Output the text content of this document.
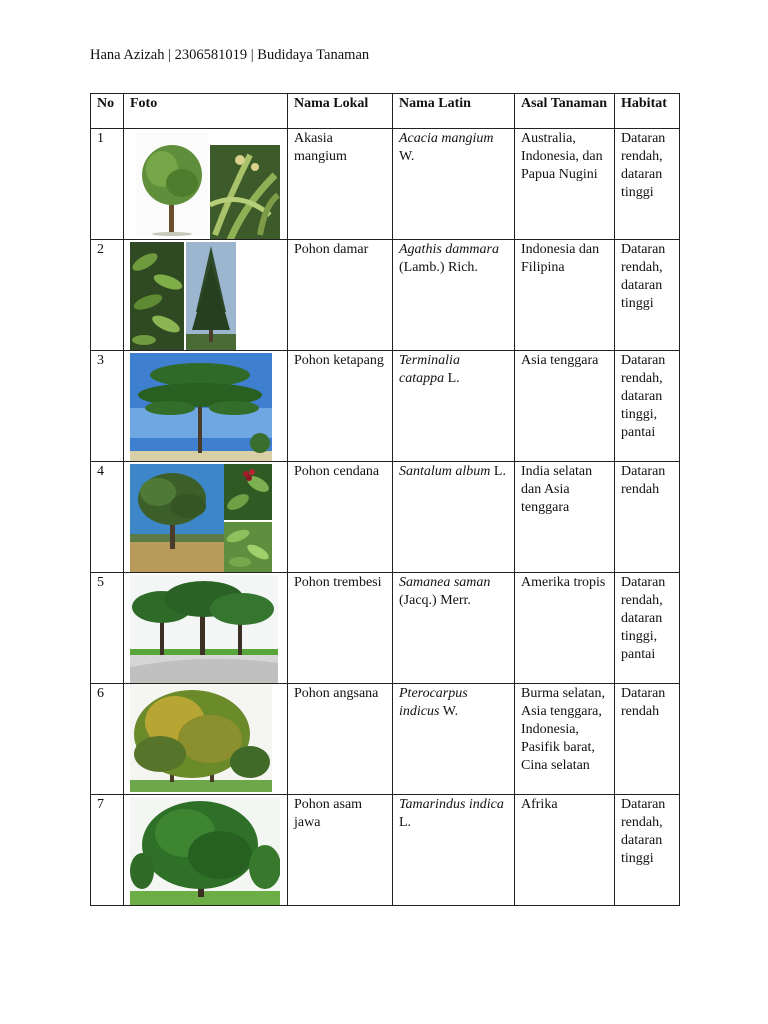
Hana Azizah | 2306581019 | Budidaya Tanaman
No	Foto	Nama Lokal	Nama Latin	Asal Tanaman	Habitat
1		Akasia mangium	Acacia mangium W.	Australia, Indonesia, dan Papua Nugini	Dataran rendah, dataran tinggi
2		Pohon damar	Agathis dammara (Lamb.) Rich.	Indonesia dan Filipina	Dataran rendah, dataran tinggi
3		Pohon ketapang	Terminalia catappa L.	Asia tenggara	Dataran rendah, dataran tinggi, pantai
4		Pohon cendana	Santalum album L.	India selatan dan Asia tenggara	Dataran rendah
5		Pohon trembesi	Samanea saman (Jacq.) Merr.	Amerika tropis	Dataran rendah, dataran tinggi, pantai
6		Pohon angsana	Pterocarpus indicus W.	Burma selatan, Asia tenggara, Indonesia, Pasifik barat, Cina selatan	Dataran rendah
7		Pohon asam jawa	Tamarindus indica L.	Afrika	Dataran rendah, dataran tinggi
